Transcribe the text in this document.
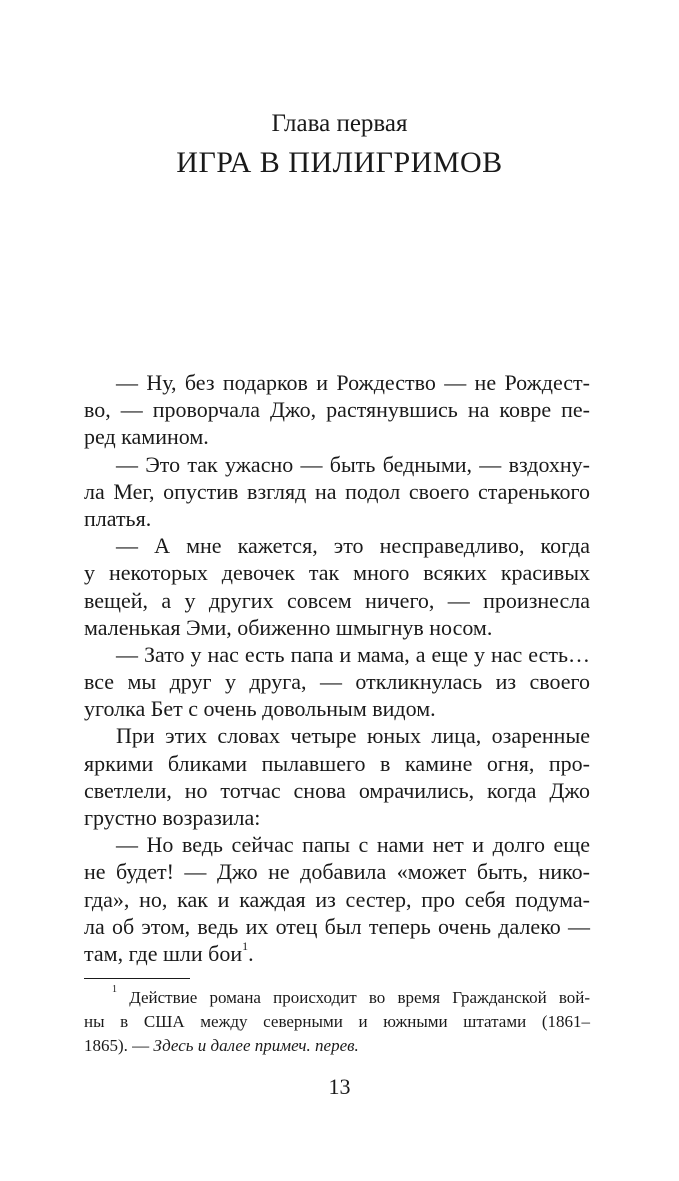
Глава первая
ИГРА В ПИЛИГРИМОВ
— Ну, без подарков и Рождество — не Рождест-
во, — проворчала Джо, растянувшись на ковре пе-
ред камином.
— Это так ужасно — быть бедными, — вздохну-
ла Мег, опустив взгляд на подол своего старенького
платья.
— А мне кажется, это несправедливо, когда
у некоторых девочек так много всяких красивых
вещей, а у других совсем ничего, — произнесла
маленькая Эми, обиженно шмыгнув носом.
— Зато у нас есть папа и мама, а еще у нас есть…
все мы друг у друга, — откликнулась из своего
уголка Бет с очень довольным видом.
При этих словах четыре юных лица, озаренные
яркими бликами пылавшего в камине огня, про-
светлели, но тотчас снова омрачились, когда Джо
грустно возразила:
— Но ведь сейчас папы с нами нет и долго еще
не будет! — Джо не добавила «может быть, нико-
гда», но, как и каждая из сестер, про себя подума-
ла об этом, ведь их отец был теперь очень далеко —
там, где шли бои$^1$.
$^1$ Действие романа происходит во время Гражданской вой-
ны в США между северными и южными штатами (1861–
1865). — Здесь и далее примеч. перев.
13
